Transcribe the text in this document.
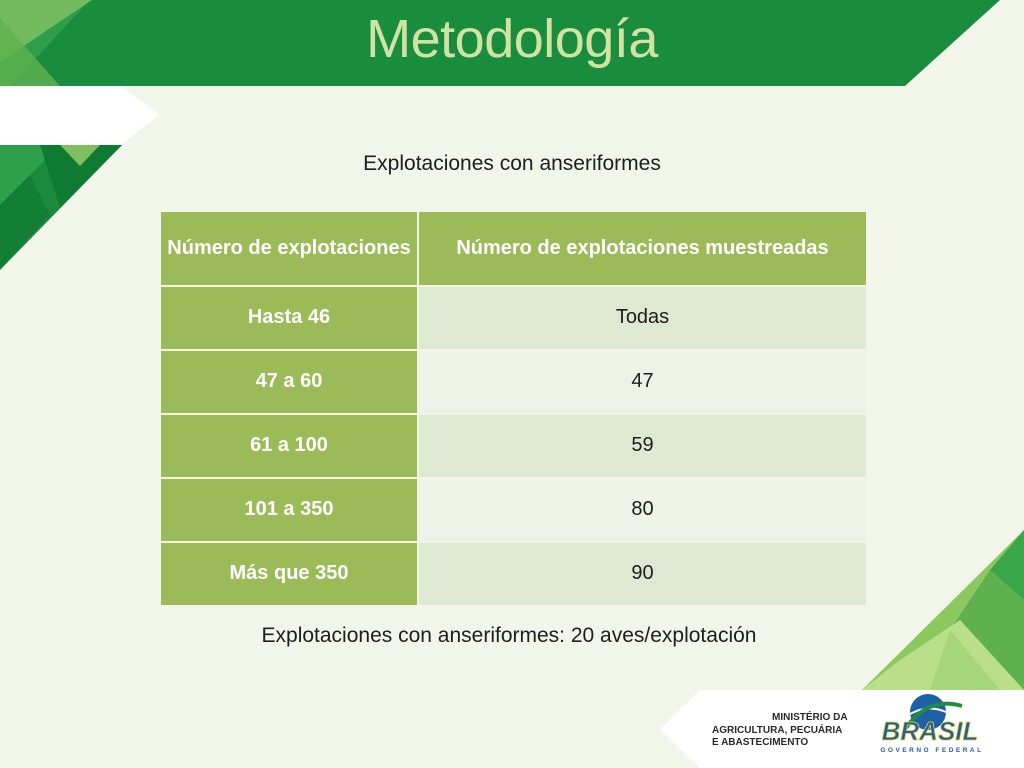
Metodología
Explotaciones con anseriformes
Número de explotaciones	Número de explotaciones muestreadas
Hasta 46	Todas
47 a 60	47
61 a 100	59
101 a 350	80
Más que 350	90
Explotaciones con anseriformes: 20 aves/explotación
MINISTÉRIO DA
AGRICULTURA, PECUÁRIA
E ABASTECIMENTO	BRASIL
GOVERNO FEDERAL
